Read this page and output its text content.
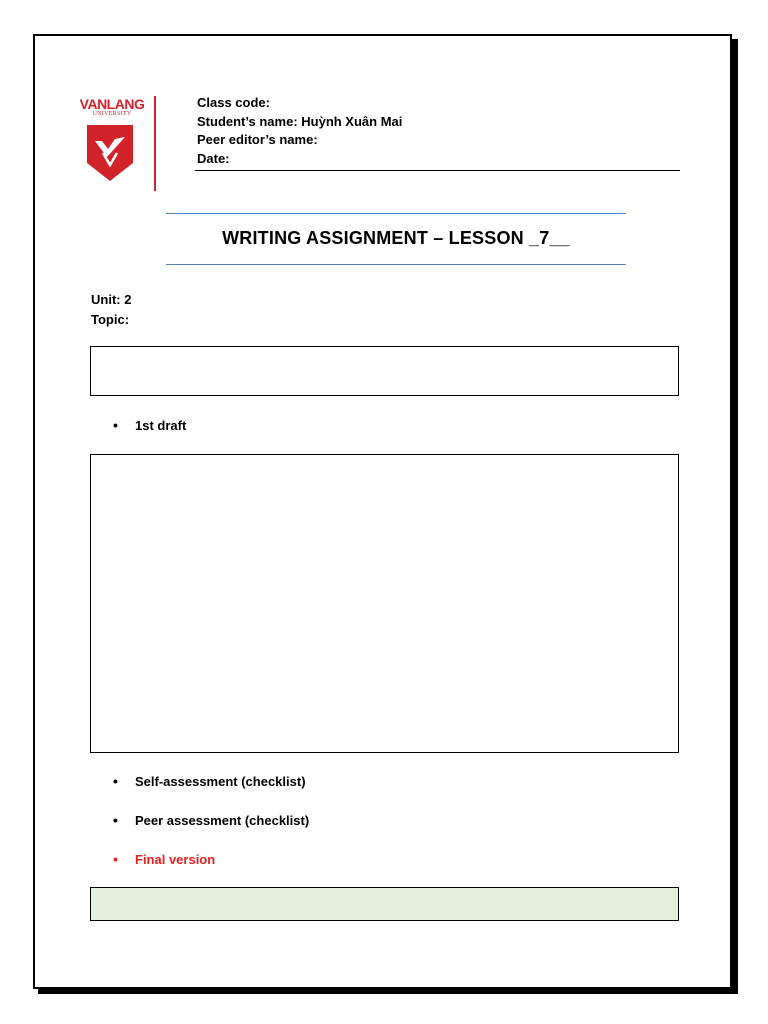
VANLANG
UNIVERSITY
Class code:
Student’s name: Huỳnh Xuân Mai
Peer editor’s name:
Date:
WRITING ASSIGNMENT – LESSON _7__
Unit: 2
Topic:
• 1st draft
• Self-assessment (checklist)
• Peer assessment (checklist)
• Final version
